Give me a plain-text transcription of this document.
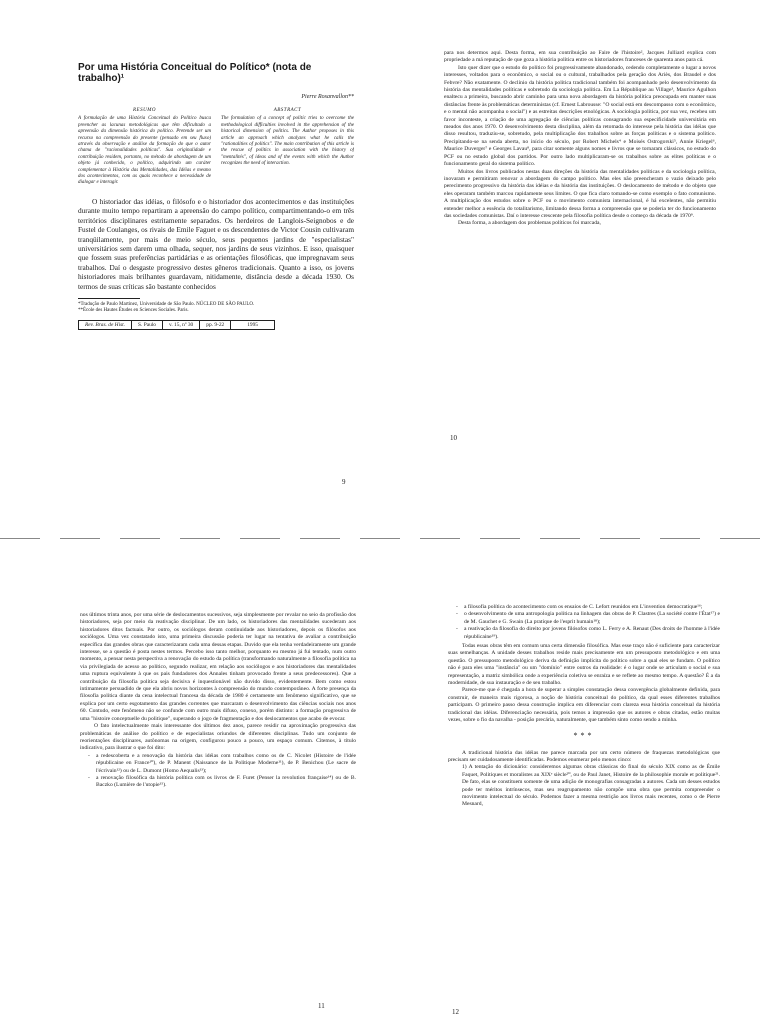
Por uma História Conceitual do Político* (nota de trabalho)¹
Pierre Rosanvallon**
RESUMO
A formulação de uma História Conceitual do Político busca preencher as lacunas metodológicas que têm dificultado a apreensão da dimensão histórica do político. Pretende ser um recurso na compreensão do presente (pensado em seu fluxo) através da observação e análise da formação do que o autor chama de "racionalidades políticas". Sua originalidade e contribuição residem, portanto, no método de abordagem de um objeto já conhecido, o político, adquirindo um caráter complementar à História das Mentalidades, das Idéias e mesmo dos acontecimentos, com as quais reconhece a necessidade de dialogar e interagir.
ABSTRACT
The formulation of a concept of politic tries to overcome the methodological difficulties involved in the apprehension of the historical dimension of politics. The Author proposes in this article an approach which analyzes what he calls the "rationalities of politics". The main contribution of this article is the rescue of politics in association with the history of "mentalités", of ideas and of the events with which the Author recognizes the need of interaction.

O historiador das idéias, o filósofo e o historiador dos acontecimentos e das instituições durante muito tempo repartiram a apreensão do campo político, compartimentando-o em três territórios disciplinares estritamente separados. Os herdeiros de Langlois-Seignobos e de Fustel de Coulanges, os rivais de Emile Faguet e os descendentes de Victor Cousin cultivaram tranqüilamente, por mais de meio século, seus pequenos jardins de "especialistas" universitários sem darem uma olhada, sequer, nos jardins de seus vizinhos. E isso, quaisquer que fossem suas preferências partidárias e as orientações filosóficas, que impregnavam seus trabalhos. Daí o desgaste progressivo destes gêneros tradicionais. Quanto a isso, os jovens historiadores mais brilhantes guardavam, nitidamente, distância desde a década 1930. Os termos de suas críticas são bastante conhecidos

*Tradução de Paulo Martinez, Universidade de São Paulo. NÚCLEO DE SÃO PAULO.

**École des Hautes Études en Sciences Sociales. Paris.

Rev. Bras. de Hist.	S. Paulo	v. 15, nº 30	pp. 9-22	1995
9

para nos determos aqui. Desta forma, em sua contribuição ao Faire de l'histoire², Jacques Julliard explica com propriedade a má reputação de que goza a história política entre os historiadores franceses de quarenta anos para cá.

Isto quer dizer que o estudo do político foi progressivamente abandonado, cedendo completamente o lugar a novos interesses, voltados para o econômico, o social ou o cultural, trabalhados pela geração dos Ariès, dos Braudel e dos Febvre? Não exatamente. O declínio da história política tradicional também foi acompanhado pelo desenvolvimento da história das mentalidades políticas e sobretudo da sociologia política. Em La République au Village³, Maurice Agulhon enaltecu a primeira, buscando abrir caminho para uma nova abordagem da história política preocupada em manter suas distâncias frente às problemáticas deterministas (cf. Ernest Labrousse: "O social está em descompasso com o econômico, e o mental não acompanha o social") e as estreitas descrições etnológicas. A sociologia política, por sua vez, recebeu um favor inconteste, a criação de uma agregação de ciências políticas consagrando sua especificidade universitária em meados dos anos 1970. O desenvolvimento desta disciplina, além da retomada do interesse pela história das idéias que disso resultou, traduziu-se, sobretudo, pela multiplicação dos trabalhos sobre as forças políticas e o sistema político. Precipitando-se na senda aberta, no início do século, por Robert Michels⁴ e Moisés Ostrogorski⁵, Annie Kriegel⁶, Maurice Duverger⁷ e Georges Lavau⁸, para citar somente alguns nomes e livros que se tornaram clássicos, no estudo do PCF ou no estudo global dos partidos. Por outro lado multiplicaram-se os trabalhos sobre as elites políticas e o funcionamento geral do sistema político.

Muitos dos livros publicados nestas duas direções da história das mentalidades políticas e da sociologia política, inovaram e permitiram renovar a abordagem do campo político. Mas eles não preencheram o vazio deixado pelo perecimento progressivo da história das idéias e da história das instituições. O deslocamento de método e do objeto que eles operaram também marcou rapidamente seus limites. O que fica claro tomando-se como exemplo o fato comunismo. A multiplicação dos estudos sobre o PCF ou o movimento comunista internacional, é há excelentes, não permitiu entender melhor a essência do totalitarismo, limitando dessa forma a compreensão que se poderia ter do funcionamento das sociedades comunistas. Daí o interesse crescente pela filosofia política desde o começo da década de 1970⁹.

Desta forma, a abordagem dos problemas políticos foi marcada,

10

nos últimos trinta anos, por uma série de deslocamentos sucessivos, seja simplesmente por revalar no seio da profissão dos historiadores, seja por meio da reativação disciplinar. De um lado, os historiadores das mentalidades sucederam aos historiadores ditos factuais. Por outro, os sociólogos deram continuidade aos historiadores, depois os filósofos aos sociólogos. Uma vez constatado isto, uma primeira discussão poderia ter lugar na tentativa de avaliar a contribuição específica das grandes obras que caracterizaram cada uma dessas etapas. Duvido que ela tenha verdadeiramente um grande interesse, se a questão é posta nestes termos. Percebo isso tanto melhor, porquanto eu mesmo já fui tentado, num outro momento, a pensar nesta perspectiva a renovação do estudo da política (transformando naturalmente a filosofia política na via privilegiada de acesso ao político, segundo realizar, em relação aos sociólogos e aos historiadores das mentalidades uma ruptura equivalente à que os pais fundadores dos Annales tinham provocado frente a seus predecessores). Que a contribuição da filosofia política seja decisiva é inquestionável não duvido disso, evidentemente. Bem como estou intimamente persuadido de que ela abriu novos horizontes à compreensão do mundo contemporâneo. A forte presença da filosofia política diante da cena intelectual francesa da década de 1980 é certamente um fenômeno significativo, que se explica por um certo esgotamento das grandes correntes que marcaram o desenvolvimento das ciências sociais nos anos 60. Contudo, este fenômeno não se confunde com outro mais difuso, conexo, porém distinto: a formação progressiva de uma "histoire conceptuelle du politique", superando o jogo de fragmentação e dos deslocamentos que acabo de evocar.

O fato intelectualmente mais interessante dos últimos dez anos, parece residir na aproximação progressiva das problemáticas de análise do político e de especialistas oriundos de diferentes disciplinas. Tudo um conjunto de reorientações disciplinares, autônomas na origem, configurou pouco a pouco, um espaço comum. Citemos, à título indicativo, para ilustrar o que foi dito:

- a redescoberta e a renovação da história das idéias com trabalhos como os de C. Nicolet (Histoire de l'idée républicaine en France¹⁰), de P. Manent (Naissance de la Politique Moderne¹¹), de P. Benichou (Le sacre de l'écrivain¹²) ou de L. Dumont (Homo Aequalis¹³);
- a renovação filosófica da história política com os livros de F. Furet (Penser la revolution française¹⁴) ou de B. Baczko (Lumière de l'utopie¹⁵).
11
- a filosofia política do acontecimento com os ensaios de C. Lefort reunidos em L'invention democratique¹⁶;
- o desenvolvimento de uma antropologia política na linhagem das obras de P. Clastres (La société contre l'État¹⁷) e de M. Gauchet e G. Swain (La pratique de l'esprit humain¹⁸);
- a reativação da filosofia do direito por jovens filósofos como L. Ferry e A. Renaut (Des droits de l'homme à l'idée républicaine¹⁹).

Todas essas obras têm em comum uma certa dimensão filosófica. Mas esse traço não é suficiente para caracterizar suas semelhanças. A unidade desses trabalhos reside mais precisamente em um pressuposto metodológico e em uma questão. O pressuposto metodológico deriva da definição implícita do político sobre a qual eles se fundam. O político não é para eles uma "instância" ou um "domínio" entre outros da realidade: é o lugar onde se articulam o social e sua representação, a matriz simbólica onde a experiência coletiva se enraíza e se reflete ao mesmo tempo. A questão? É a da modernidade, de sua instauração e de seu trabalho.

Parece-me que é chegada a hora de superar a simples constatação dessa convergência globalmente definida, para construir, de maneira mais rigorosa, a noção de história conceitual do político, da qual esses diferentes trabalhos participam. O primeiro passo dessa construção implica em diferenciar com clareza essa história conceitual da história tradicional das idéias. Diferenciação necessária, pois temos a impressão que os autores e obras citadas, estão muitas vezes, sobre o fio da navalha - posição precária, naturalmente, que também sinto como sendo a minha.

***

A tradicional história das idéias me parece marcada por um certo número de fraquezas metodológicas que precisam ser cuidadosamente identificadas. Podemos enumerar pelo menos cinco:

1) A tentação do dicionário: consideremos algumas obras clássicas do final do século XIX como as de Émile Faquet, Politiques et moralistes au XIXᵉ siècle²⁰, ou de Paul Janet, Histoire de la philosophie morale et politique²¹. De fato, elas se constituem somente de uma adição de monografias consagradas a autores. Cada um desses estudos pode ter méritos intrínsecos, mas seu reagrupamento não compõe uma obra que permita compreender o movimento intelectual do século. Podemos fazer a mesma restrição aos livros mais recentes, como o de Pierre Mesnard,

12
